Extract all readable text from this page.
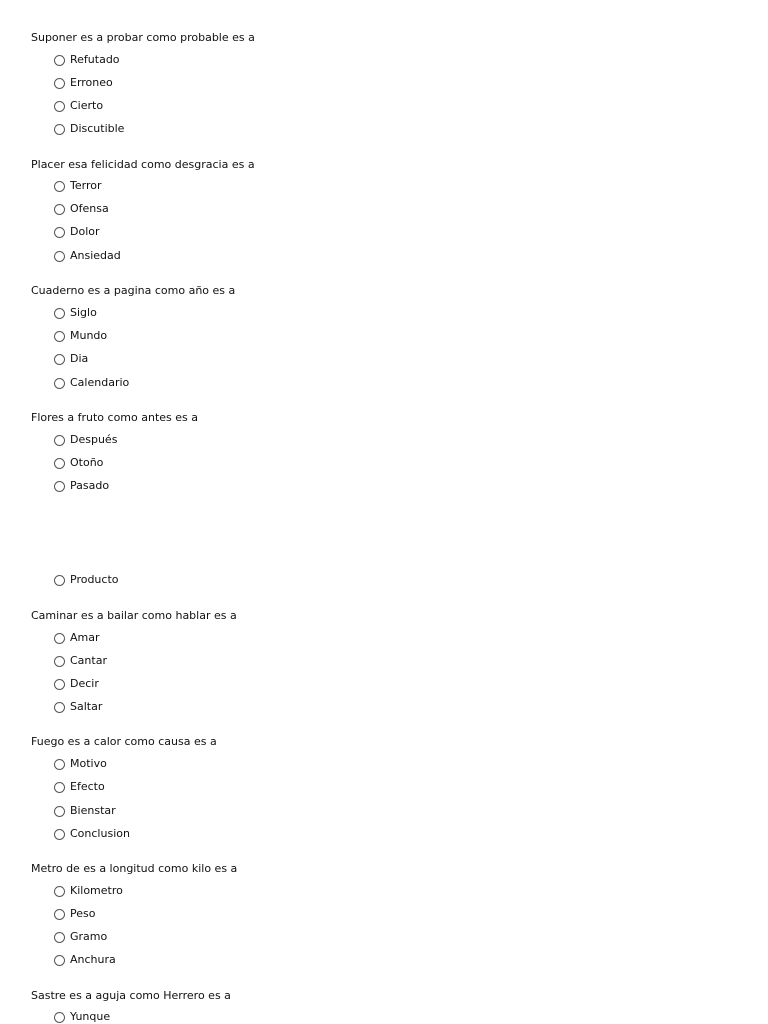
Suponer es a probar como probable es a
Refutado
Erroneo
Cierto
Discutible
Placer esa felicidad como desgracia es a
Terror
Ofensa
Dolor
Ansiedad
Cuaderno es a pagina como año es a
Siglo
Mundo
Dia
Calendario
Flores a fruto como antes es a
Después
Otoño
Pasado
Producto
Caminar es a bailar como hablar es a
Amar
Cantar
Decir
Saltar
Fuego es a calor como causa es a
Motivo
Efecto
Bienstar
Conclusion
Metro de es a longitud como kilo es a
Kilometro
Peso
Gramo
Anchura
Sastre es a aguja como Herrero es a
Yunque
